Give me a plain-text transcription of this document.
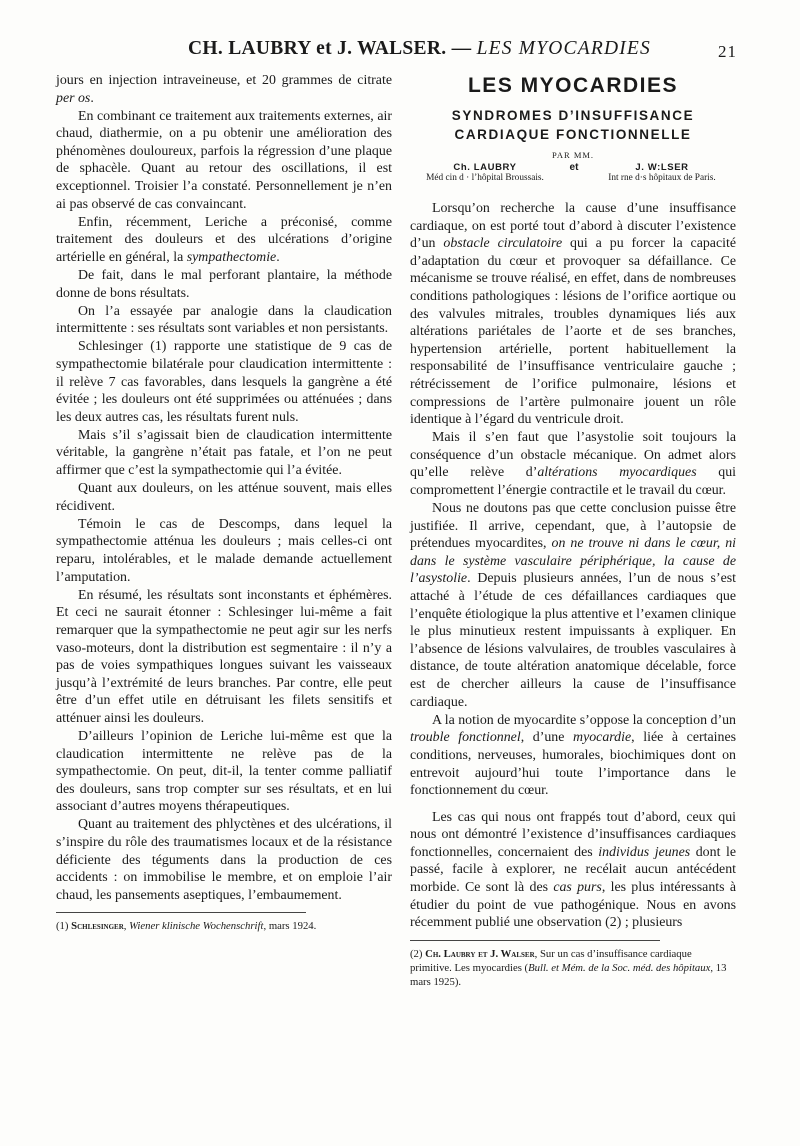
CH. LAUBRY et J. WALSER. — LES MYOCARDIES	21

jours en injection intraveineuse, et 20 grammes de citrate per os.

En combinant ce traitement aux traitements externes, air chaud, diathermie, on a pu obtenir une amélioration des phénomènes douloureux, parfois la régression d’une plaque de sphacèle. Quant au retour des oscillations, il est exceptionnel. Troisier l’a constaté. Personnellement je n’en ai pas observé de cas convaincant.

Enfin, récemment, Leriche a préconisé, comme traitement des douleurs et des ulcérations d’origine artérielle en général, la sympathectomie.

De fait, dans le mal perforant plantaire, la méthode donne de bons résultats.

On l’a essayée par analogie dans la claudication intermittente : ses résultats sont variables et non persistants.

Schlesinger (1) rapporte une statistique de 9 cas de sympathectomie bilatérale pour claudication intermittente : il relève 7 cas favorables, dans lesquels la gangrène a été évitée ; les douleurs ont été supprimées ou atténuées ; dans les deux autres cas, les résultats furent nuls.

Mais s’il s’agissait bien de claudication intermittente véritable, la gangrène n’était pas fatale, et l’on ne peut affirmer que c’est la sympathectomie qui l’a évitée.

Quant aux douleurs, on les atténue souvent, mais elles récidivent.

Témoin le cas de Descomps, dans lequel la sympathectomie atténua les douleurs ; mais celles-ci ont reparu, intolérables, et le malade demande actuellement l’amputation.

En résumé, les résultats sont inconstants et éphémères. Et ceci ne saurait étonner : Schlesinger lui-même a fait remarquer que la sympathectomie ne peut agir sur les nerfs vaso-moteurs, dont la distribution est segmentaire : il n’y a pas de voies sympathiques longues suivant les vaisseaux jusqu’à l’extrémité de leurs branches. Par contre, elle peut être d’un effet utile en détruisant les filets sensitifs et atténuer ainsi les douleurs.

D’ailleurs l’opinion de Leriche lui-même est que la claudication intermittente ne relève pas de la sympathectomie. On peut, dit-il, la tenter comme palliatif des douleurs, sans trop compter sur ses résultats, et en lui associant d’autres moyens thérapeutiques.

Quant au traitement des phlyctènes et des ulcérations, il s’inspire du rôle des traumatismes locaux et de la résistance déficiente des téguments dans la production de ces accidents : on immobilise le membre, et on emploie l’air chaud, les pansements aseptiques, l’embaumement.

(1) Schlesinger, Wiener klinische Wochenschrift, mars 1924.

LES MYOCARDIES
SYNDROMES D’INSUFFISANCE
CARDIAQUE FONCTIONNELLE
PAR MM.
Ch. LAUBRY
Méd cin d · l’hôpital Broussais.
et	J. W:LSER
Int rne d·s hôpitaux de Paris.

Lorsqu’on recherche la cause d’une insuffisance cardiaque, on est porté tout d’abord à discuter l’existence d’un obstacle circulatoire qui a pu forcer la capacité d’adaptation du cœur et provoquer sa défaillance. Ce mécanisme se trouve réalisé, en effet, dans de nombreuses conditions pathologiques : lésions de l’orifice aortique ou des valvules mitrales, troubles dynamiques liés aux altérations pariétales de l’aorte et de ses branches, hypertension artérielle, portent habituellement la responsabilité de l’insuffisance ventriculaire gauche ; rétrécissement de l’orifice pulmonaire, lésions et compressions de l’artère pulmonaire jouent un rôle identique à l’égard du ventricule droit.

Mais il s’en faut que l’asystolie soit toujours la conséquence d’un obstacle mécanique. On admet alors qu’elle relève d’altérations myocardiques qui compromettent l’énergie contractile et le travail du cœur.

Nous ne doutons pas que cette conclusion puisse être justifiée. Il arrive, cependant, que, à l’autopsie de prétendues myocardites, on ne trouve ni dans le cœur, ni dans le système vasculaire périphérique, la cause de l’asystolie. Depuis plusieurs années, l’un de nous s’est attaché à l’étude de ces défaillances cardiaques que l’enquête étiologique la plus attentive et l’examen clinique le plus minutieux restent impuissants à expliquer. En l’absence de lésions valvulaires, de troubles vasculaires à distance, de toute altération anatomique décelable, force est de chercher ailleurs la cause de l’insuffisance cardiaque.

A la notion de myocardite s’oppose la conception d’un trouble fonctionnel, d’une myocardie, liée à certaines conditions, nerveuses, humorales, biochimiques dont on entrevoit aujourd’hui toute l’importance dans le fonctionnement du cœur.

Les cas qui nous ont frappés tout d’abord, ceux qui nous ont démontré l’existence d’insuffisances cardiaques fonctionnelles, concernaient des individus jeunes dont le passé, facile à explorer, ne recélait aucun antécédent morbide. Ce sont là des cas purs, les plus intéressants à étudier du point de vue pathogénique. Nous en avons récemment publié une observation (2) ; plusieurs

(2) Ch. Laubry et J. Walser, Sur un cas d’insuffisance cardiaque primitive. Les myocardies (Bull. et Mém. de la Soc. méd. des hôpitaux, 13 mars 1925).
